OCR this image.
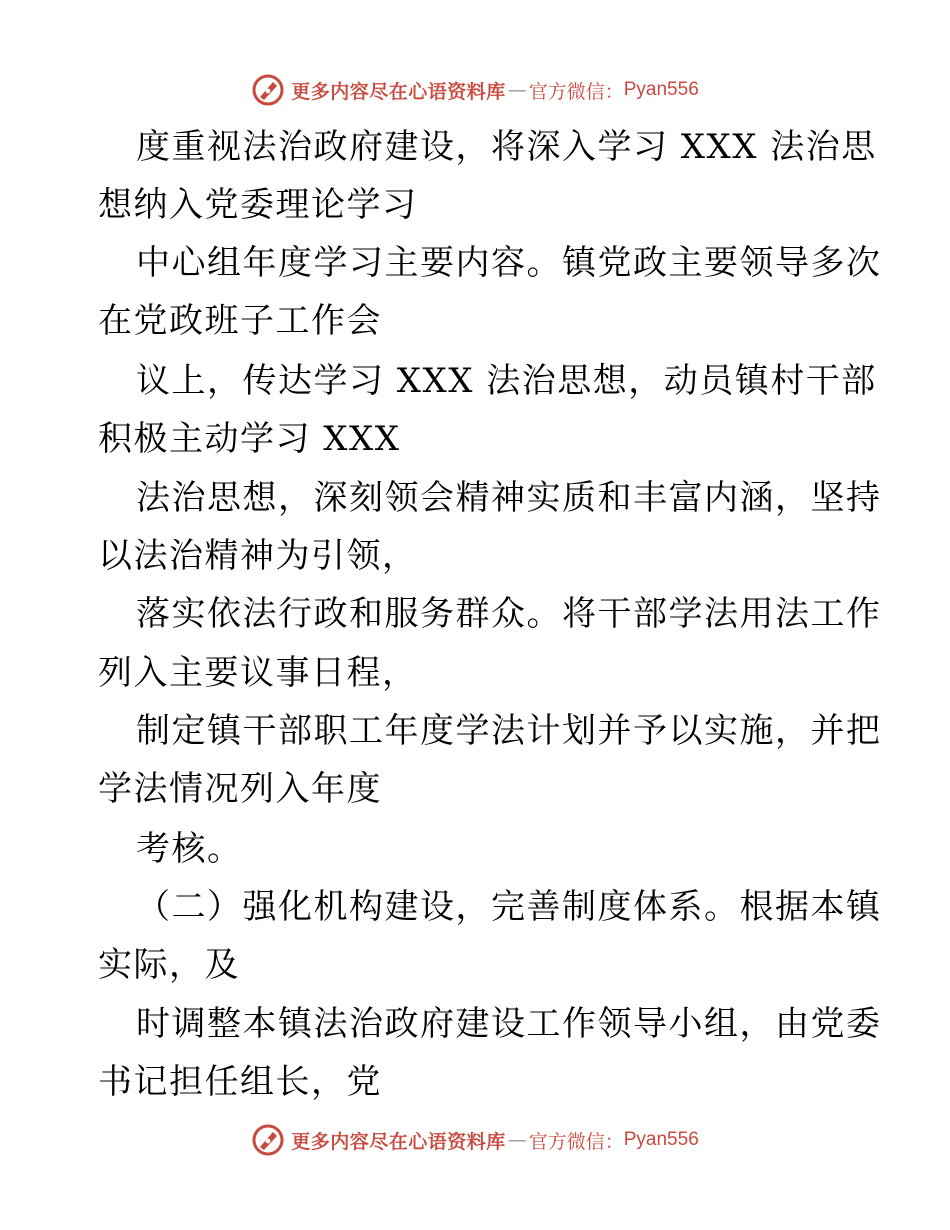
更多内容尽在心语资料库 — 官方微信： Pyan556
度重视法治政府建设，将深入学习 XXX 法治思
想纳入党委理论学习
中心组年度学习主要内容。镇党政主要领导多次
在党政班子工作会
议上，传达学习 XXX 法治思想，动员镇村干部
积极主动学习 XXX
法治思想，深刻领会精神实质和丰富内涵，坚持
以法治精神为引领，
落实依法行政和服务群众。将干部学法用法工作
列入主要议事日程，
制定镇干部职工年度学法计划并予以实施，并把
学法情况列入年度
考核。
（二）强化机构建设，完善制度体系。根据本镇
实际，及
时调整本镇法治政府建设工作领导小组，由党委
书记担任组长，党
更多内容尽在心语资料库 — 官方微信： Pyan556
